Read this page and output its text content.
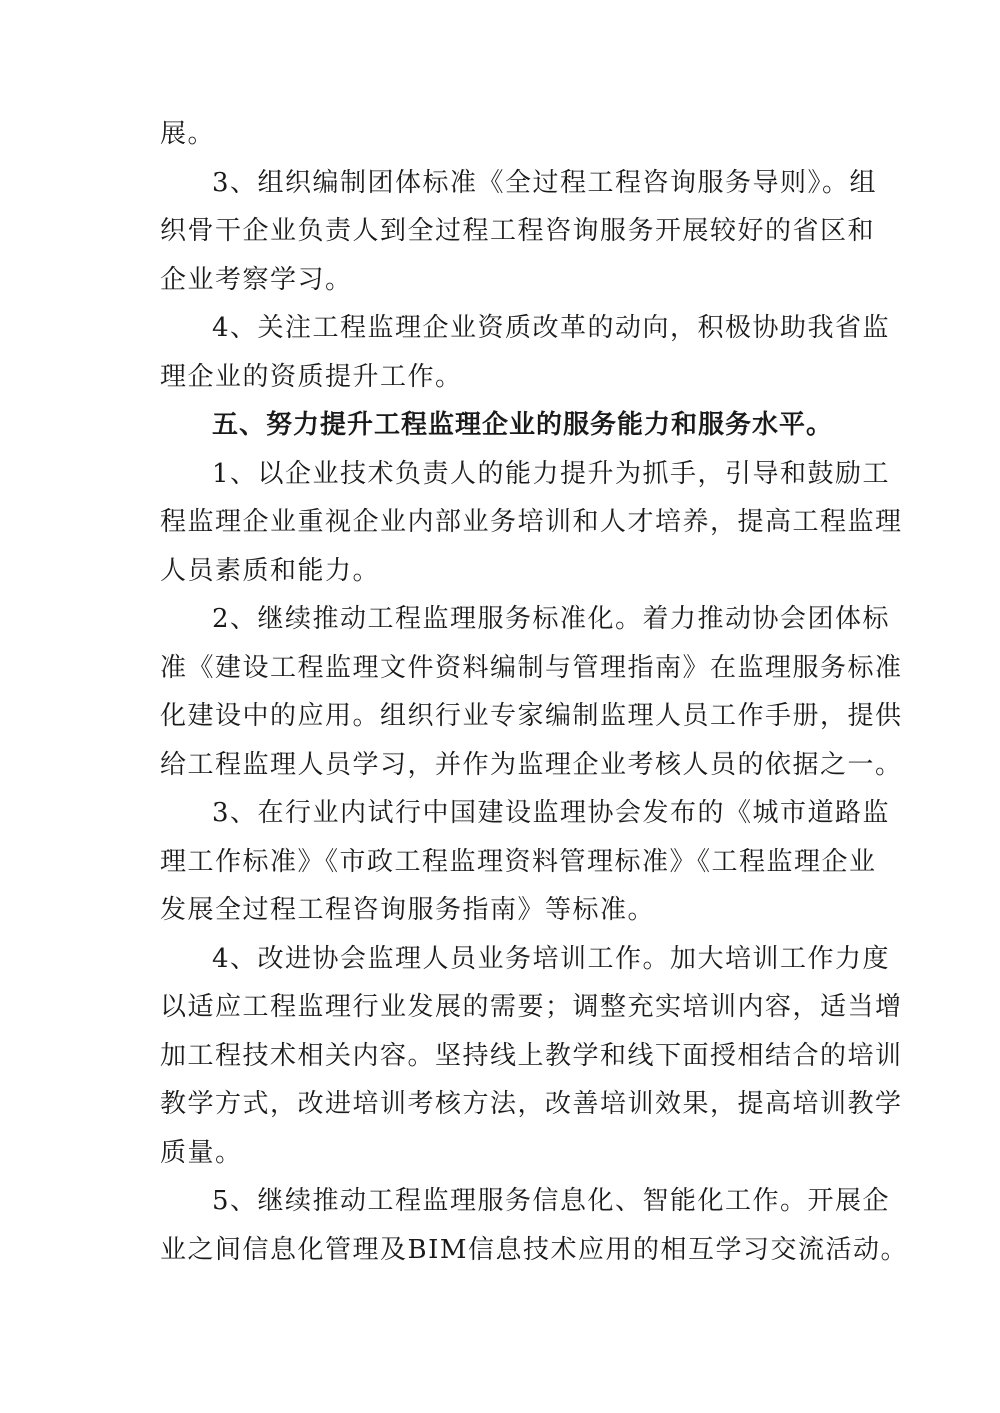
展。
3、组织编制团体标准《全过程工程咨询服务导则》。组
织骨干企业负责人到全过程工程咨询服务开展较好的省区和
企业考察学习。
4、关注工程监理企业资质改革的动向，积极协助我省监
理企业的资质提升工作。
五、努力提升工程监理企业的服务能力和服务水平。
1、以企业技术负责人的能力提升为抓手，引导和鼓励工
程监理企业重视企业内部业务培训和人才培养，提高工程监理
人员素质和能力。
2、继续推动工程监理服务标准化。着力推动协会团体标
准《建设工程监理文件资料编制与管理指南》在监理服务标准
化建设中的应用。组织行业专家编制监理人员工作手册，提供
给工程监理人员学习，并作为监理企业考核人员的依据之一。
3、在行业内试行中国建设监理协会发布的《城市道路监
理工作标准》《市政工程监理资料管理标准》《工程监理企业
发展全过程工程咨询服务指南》等标准。
4、改进协会监理人员业务培训工作。加大培训工作力度
以适应工程监理行业发展的需要；调整充实培训内容，适当增
加工程技术相关内容。坚持线上教学和线下面授相结合的培训
教学方式，改进培训考核方法，改善培训效果，提高培训教学
质量。
5、继续推动工程监理服务信息化、智能化工作。开展企
业之间信息化管理及BIM信息技术应用的相互学习交流活动。
